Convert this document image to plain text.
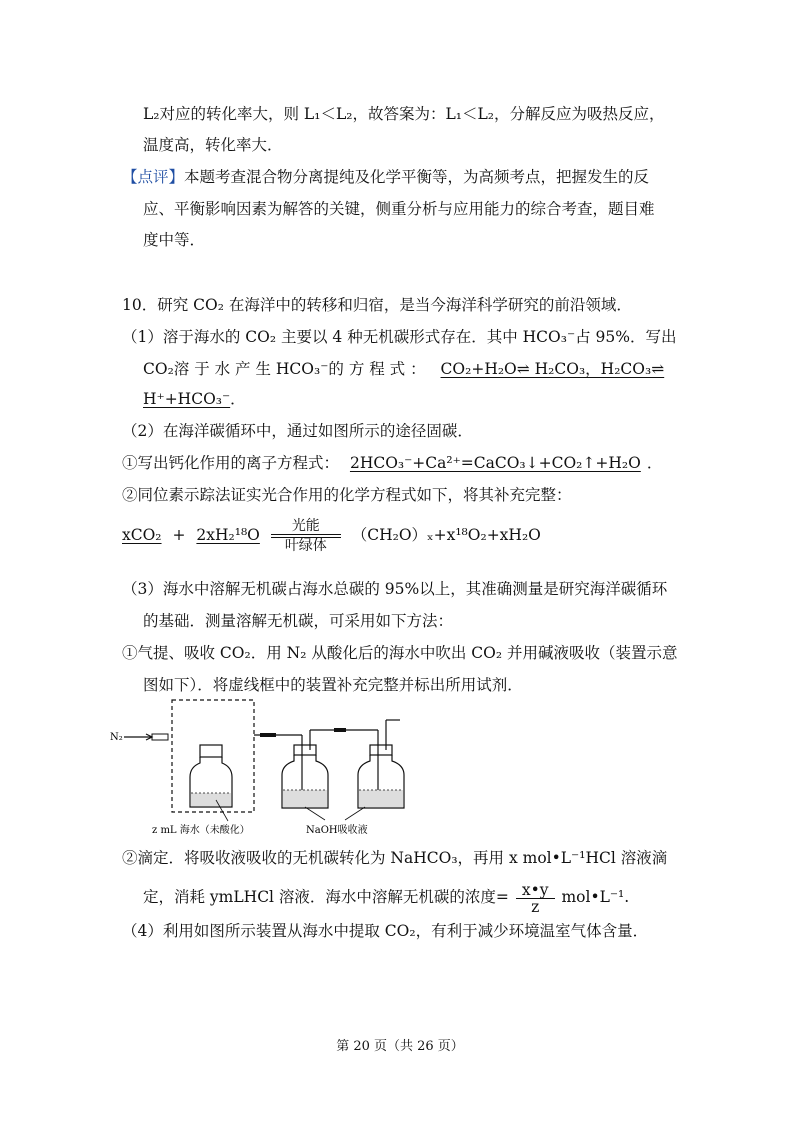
L₂对应的转化率大，则 L₁＜L₂，故答案为：L₁＜L₂，分解反应为吸热反应，
温度高，转化率大．
【点评】本题考查混合物分离提纯及化学平衡等，为高频考点，把握发生的反
应、平衡影响因素为解答的关键，侧重分析与应用能力的综合考查，题目难
度中等．
10．研究 CO₂ 在海洋中的转移和归宿，是当今海洋科学研究的前沿领域．
（1）溶于海水的 CO₂ 主要以 4 种无机碳形式存在．其中 HCO₃⁻占 95%．写出
CO₂溶 于 水 产 生 HCO₃⁻的 方 程 式 ： CO₂+H₂O⇌ H₂CO₃，H₂CO₃⇌
H⁺+HCO₃⁻．
（2）在海洋碳循环中，通过如图所示的途径固碳．
①写出钙化作用的离子方程式： 2HCO₃⁻+Ca²⁺=CaCO₃↓+CO₂↑+H₂O ．
②同位素示踪法证实光合作用的化学方程式如下，将其补充完整：
xCO₂ + 2xH₂¹⁸O	光能
叶绿体
（CH₂O）ₓ+x¹⁸O₂+xH₂O
（3）海水中溶解无机碳占海水总碳的 95%以上，其准确测量是研究海洋碳循环
的基础．测量溶解无机碳，可采用如下方法：
①气提、吸收 CO₂．用 N₂ 从酸化后的海水中吹出 CO₂ 并用碱液吸收（装置示意
图如下）．将虚线框中的装置补充完整并标出所用试剂．
N₂
z mL 海水（未酸化）	NaOH吸收液
②滴定．将吸收液吸收的无机碳转化为 NaHCO₃，再用 x mol•L⁻¹HCl 溶液滴
定，消耗 ymLHCl 溶液．海水中溶解无机碳的浓度= $\frac{x•y}{z}$ mol•L⁻¹.
（4）利用如图所示装置从海水中提取 CO₂，有利于减少环境温室气体含量．
第 20 页（共 26 页）
